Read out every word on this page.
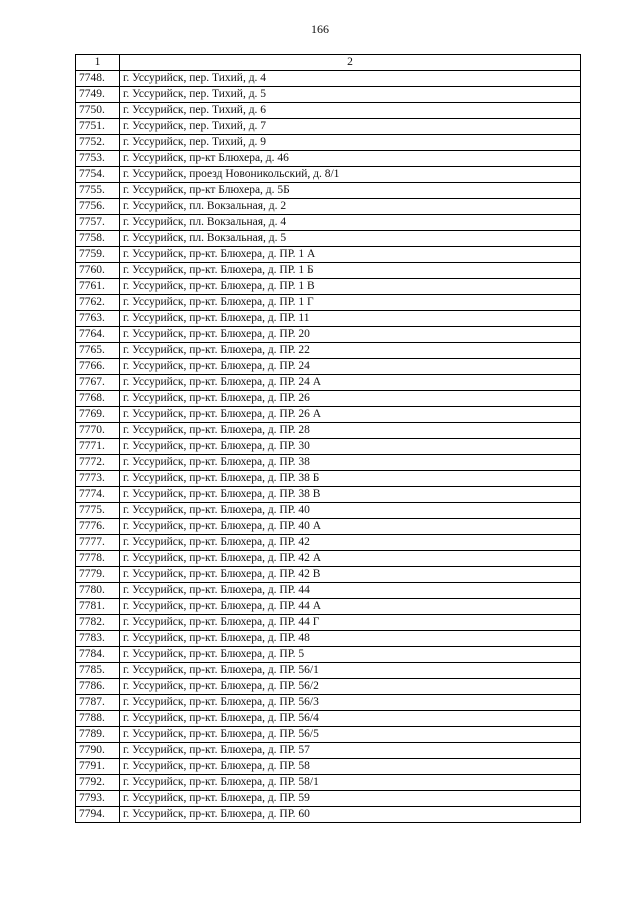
166
1	2
7748.	г. Уссурийск, пер. Тихий, д. 4
7749.	г. Уссурийск, пер. Тихий, д. 5
7750.	г. Уссурийск, пер. Тихий, д. 6
7751.	г. Уссурийск, пер. Тихий, д. 7
7752.	г. Уссурийск, пер. Тихий, д. 9
7753.	г. Уссурийск, пр-кт Блюхера, д. 46
7754.	г. Уссурийск, проезд Новоникольский, д. 8/1
7755.	г. Уссурийск, пр-кт Блюхера, д. 5Б
7756.	г. Уссурийск, пл. Вокзальная, д. 2
7757.	г. Уссурийск, пл. Вокзальная, д. 4
7758.	г. Уссурийск, пл. Вокзальная, д. 5
7759.	г. Уссурийск, пр-кт. Блюхера, д. ПР. 1 А
7760.	г. Уссурийск, пр-кт. Блюхера, д. ПР. 1 Б
7761.	г. Уссурийск, пр-кт. Блюхера, д. ПР. 1 В
7762.	г. Уссурийск, пр-кт. Блюхера, д. ПР. 1 Г
7763.	г. Уссурийск, пр-кт. Блюхера, д. ПР. 11
7764.	г. Уссурийск, пр-кт. Блюхера, д. ПР. 20
7765.	г. Уссурийск, пр-кт. Блюхера, д. ПР. 22
7766.	г. Уссурийск, пр-кт. Блюхера, д. ПР. 24
7767.	г. Уссурийск, пр-кт. Блюхера, д. ПР. 24 А
7768.	г. Уссурийск, пр-кт. Блюхера, д. ПР. 26
7769.	г. Уссурийск, пр-кт. Блюхера, д. ПР. 26 А
7770.	г. Уссурийск, пр-кт. Блюхера, д. ПР. 28
7771.	г. Уссурийск, пр-кт. Блюхера, д. ПР. 30
7772.	г. Уссурийск, пр-кт. Блюхера, д. ПР. 38
7773.	г. Уссурийск, пр-кт. Блюхера, д. ПР. 38 Б
7774.	г. Уссурийск, пр-кт. Блюхера, д. ПР. 38 В
7775.	г. Уссурийск, пр-кт. Блюхера, д. ПР. 40
7776.	г. Уссурийск, пр-кт. Блюхера, д. ПР. 40 А
7777.	г. Уссурийск, пр-кт. Блюхера, д. ПР. 42
7778.	г. Уссурийск, пр-кт. Блюхера, д. ПР. 42 А
7779.	г. Уссурийск, пр-кт. Блюхера, д. ПР. 42 В
7780.	г. Уссурийск, пр-кт. Блюхера, д. ПР. 44
7781.	г. Уссурийск, пр-кт. Блюхера, д. ПР. 44 А
7782.	г. Уссурийск, пр-кт. Блюхера, д. ПР. 44 Г
7783.	г. Уссурийск, пр-кт. Блюхера, д. ПР. 48
7784.	г. Уссурийск, пр-кт. Блюхера, д. ПР. 5
7785.	г. Уссурийск, пр-кт. Блюхера, д. ПР. 56/1
7786.	г. Уссурийск, пр-кт. Блюхера, д. ПР. 56/2
7787.	г. Уссурийск, пр-кт. Блюхера, д. ПР. 56/3
7788.	г. Уссурийск, пр-кт. Блюхера, д. ПР. 56/4
7789.	г. Уссурийск, пр-кт. Блюхера, д. ПР. 56/5
7790.	г. Уссурийск, пр-кт. Блюхера, д. ПР. 57
7791.	г. Уссурийск, пр-кт. Блюхера, д. ПР. 58
7792.	г. Уссурийск, пр-кт. Блюхера, д. ПР. 58/1
7793.	г. Уссурийск, пр-кт. Блюхера, д. ПР. 59
7794.	г. Уссурийск, пр-кт. Блюхера, д. ПР. 60
